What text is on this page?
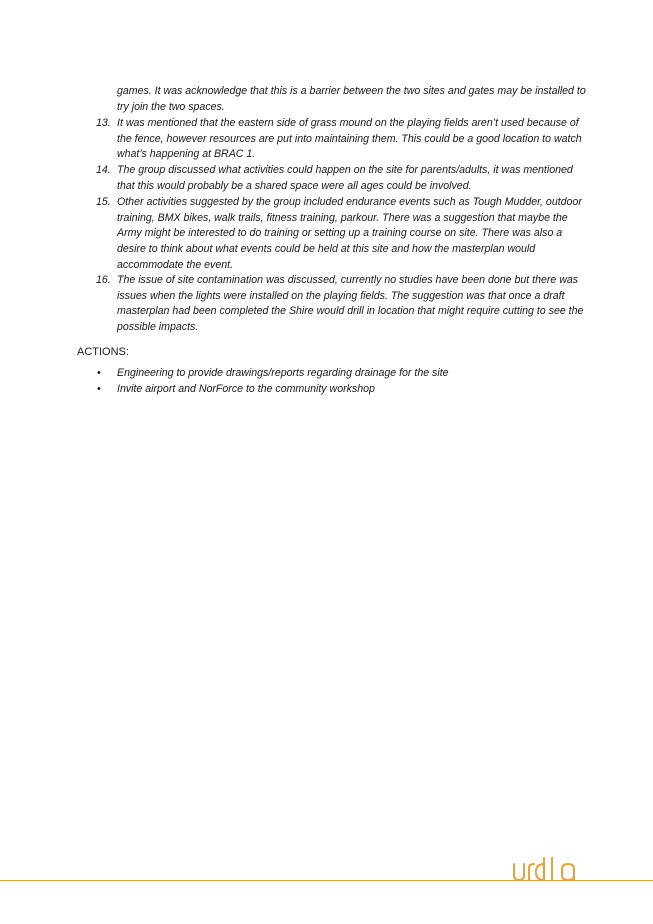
games. It was acknowledge that this is a barrier between the two sites and gates may be installed to try join the two spaces.
13. It was mentioned that the eastern side of grass mound on the playing fields aren’t used because of the fence, however resources are put into maintaining them. This could be a good location to watch what’s happening at BRAC 1.
14. The group discussed what activities could happen on the site for parents/adults, it was mentioned that this would probably be a shared space were all ages could be involved.
15. Other activities suggested by the group included endurance events such as Tough Mudder, outdoor training, BMX bikes, walk trails, fitness training, parkour. There was a suggestion that maybe the Army might be interested to do training or setting up a training course on site. There was also a desire to think about what events could be held at this site and how the masterplan would accommodate the event.
16. The issue of site contamination was discussed, currently no studies have been done but there was issues when the lights were installed on the playing fields. The suggestion was that once a draft masterplan had been completed the Shire would drill in location that might require cutting to see the possible impacts.
ACTIONS:
• Engineering to provide drawings/reports regarding drainage for the site
• Invite airport and NorForce to the community workshop
